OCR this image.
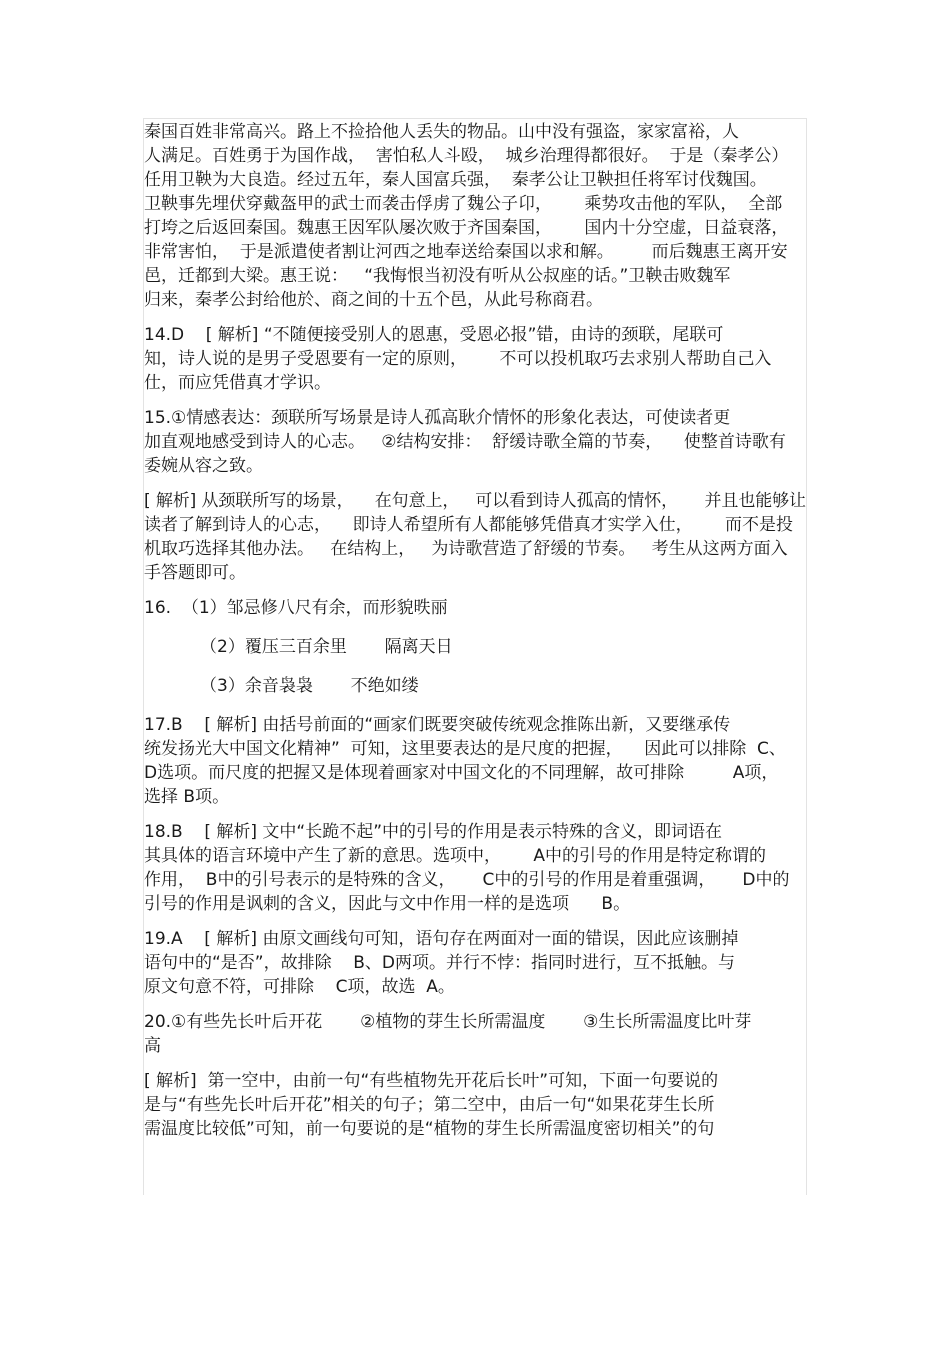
秦国百姓非常高兴。路上不捡拾他人丢失的物品。山中没有强盗，家家富裕，人
人满足。百姓勇于为国作战，  害怕私人斗殴，  城乡治理得都很好。  于是（秦孝公）
任用卫鞅为大良造。经过五年，秦人国富兵强，  秦孝公让卫鞅担任将军讨伐魏国。
卫鞅事先埋伏穿戴盔甲的武士而袭击俘虏了魏公子卬，      乘势攻击他的军队，  全部
打垮之后返回秦国。魏惠王因军队屡次败于齐国秦国，      国内十分空虚，日益衰落，
非常害怕，  于是派遣使者割让河西之地奉送给秦国以求和解。       而后魏惠王离开安
邑，迁都到大梁。惠王说：   “我悔恨当初没有听从公叔座的话。”卫鞅击败魏军
归来，秦孝公封给他於、商之间的十五个邑，从此号称商君。
14.D    [ 解析] “不随便接受别人的恩惠，受恩必报”错，由诗的颈联，尾联可
知，诗人说的是男子受恩要有一定的原则，      不可以投机取巧去求别人帮助自己入
仕，而应凭借真才学识。
15.①情感表达：颈联所写场景是诗人孤高耿介情怀的形象化表达，可使读者更
加直观地感受到诗人的心志。   ②结构安排：  舒缓诗歌全篇的节奏，    使整首诗歌有
委婉从容之致。
[ 解析] 从颈联所写的场景，    在句意上，   可以看到诗人孤高的情怀，     并且也能够让
读者了解到诗人的心志，    即诗人希望所有人都能够凭借真才实学入仕，      而不是投
机取巧选择其他办法。   在结构上，   为诗歌营造了舒缓的节奏。   考生从这两方面入
手答题即可。
16.  （1）邹忌修八尺有余，而形貌昳丽
（2）覆压三百余里       隔离天日
（3）余音袅袅       不绝如缕
17.B    [ 解析] 由括号前面的“画家们既要突破传统观念推陈出新，又要继承传
统发扬光大中国文化精神”  可知，这里要表达的是尺度的把握，    因此可以排除  C、
D选项。而尺度的把握又是体现着画家对中国文化的不同理解，故可排除         A项，
选择 B项。
18.B    [ 解析] 文中“长跪不起”中的引号的作用是表示特殊的含义，即词语在
其具体的语言环境中产生了新的意思。选项中，      A中的引号的作用是特定称谓的
作用，  B中的引号表示的是特殊的含义，     C中的引号的作用是着重强调，     D中的
引号的作用是讽刺的含义，因此与文中作用一样的是选项      B。
19.A    [ 解析] 由原文画线句可知，语句存在两面对一面的错误，因此应该删掉
语句中的“是否”，故排除    B、D两项。并行不悖：指同时进行，互不抵触。与
原文句意不符，可排除    C项，故选  A。
20.①有些先长叶后开花       ②植物的芽生长所需温度       ③生长所需温度比叶芽
高
[ 解析]  第一空中，由前一句“有些植物先开花后长叶”可知，下面一句要说的
是与“有些先长叶后开花”相关的句子；第二空中，由后一句“如果花芽生长所
需温度比较低”可知，前一句要说的是“植物的芽生长所需温度密切相关”的句
